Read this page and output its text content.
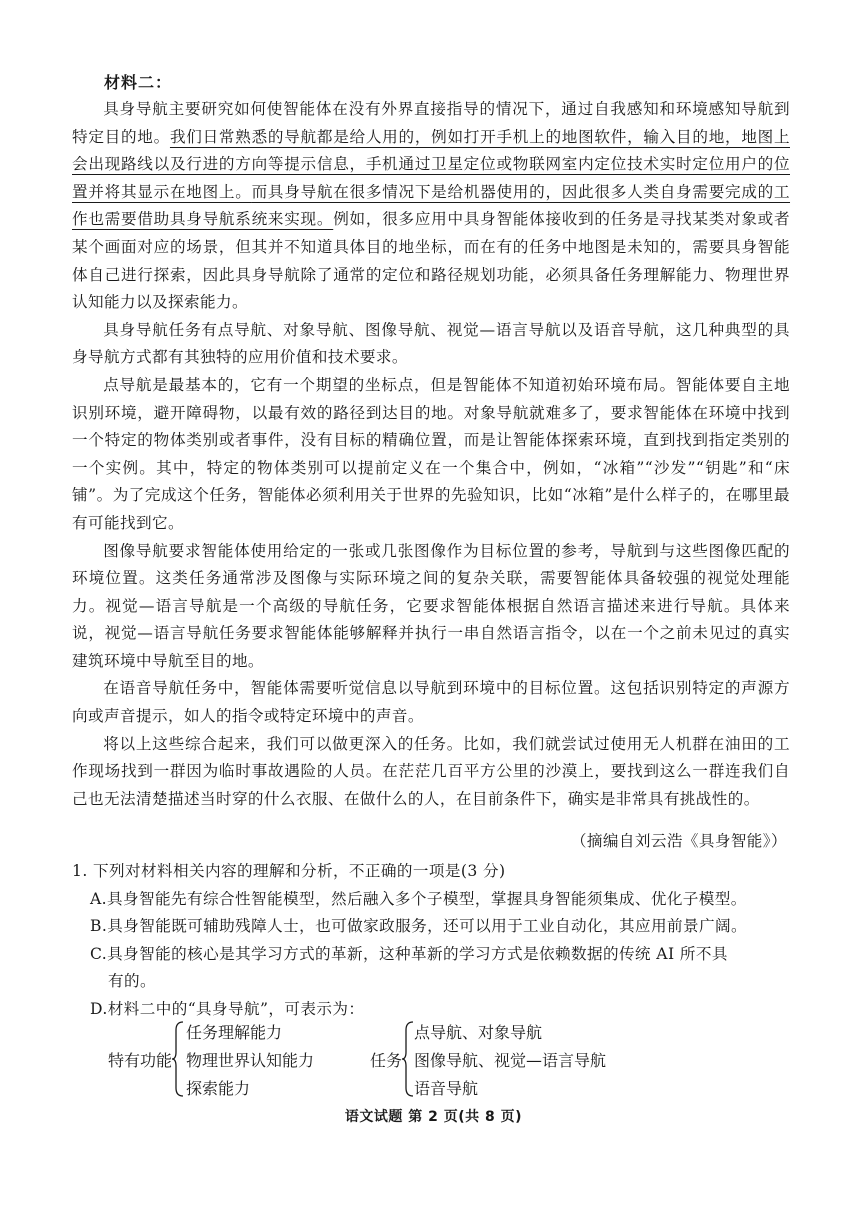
材料二：

具身导航主要研究如何使智能体在没有外界直接指导的情况下，通过自我感知和环境感知导航到特定目的地。我们日常熟悉的导航都是给人用的，例如打开手机上的地图软件，输入目的地，地图上会出现路线以及行进的方向等提示信息，手机通过卫星定位或物联网室内定位技术实时定位用户的位置并将其显示在地图上。而具身导航在很多情况下是给机器使用的，因此很多人类自身需要完成的工作也需要借助具身导航系统来实现。例如，很多应用中具身智能体接收到的任务是寻找某类对象或者某个画面对应的场景，但其并不知道具体目的地坐标，而在有的任务中地图是未知的，需要具身智能体自己进行探索，因此具身导航除了通常的定位和路径规划功能，必须具备任务理解能力、物理世界认知能力以及探索能力。

具身导航任务有点导航、对象导航、图像导航、视觉—语言导航以及语音导航，这几种典型的具身导航方式都有其独特的应用价值和技术要求。

点导航是最基本的，它有一个期望的坐标点，但是智能体不知道初始环境布局。智能体要自主地识别环境，避开障碍物，以最有效的路径到达目的地。对象导航就难多了，要求智能体在环境中找到一个特定的物体类别或者事件，没有目标的精确位置，而是让智能体探索环境，直到找到指定类别的一个实例。其中，特定的物体类别可以提前定义在一个集合中，例如，“冰箱”“沙发”“钥匙”和“床铺”。为了完成这个任务，智能体必须利用关于世界的先验知识，比如“冰箱”是什么样子的，在哪里最有可能找到它。

图像导航要求智能体使用给定的一张或几张图像作为目标位置的参考，导航到与这些图像匹配的环境位置。这类任务通常涉及图像与实际环境之间的复杂关联，需要智能体具备较强的视觉处理能力。视觉—语言导航是一个高级的导航任务，它要求智能体根据自然语言描述来进行导航。具体来说，视觉—语言导航任务要求智能体能够解释并执行一串自然语言指令，以在一个之前未见过的真实建筑环境中导航至目的地。

在语音导航任务中，智能体需要听觉信息以导航到环境中的目标位置。这包括识别特定的声源方向或声音提示，如人的指令或特定环境中的声音。

将以上这些综合起来，我们可以做更深入的任务。比如，我们就尝试过使用无人机群在油田的工作现场找到一群因为临时事故遇险的人员。在茫茫几百平方公里的沙漠上，要找到这么一群连我们自己也无法清楚描述当时穿的什么衣服、在做什么的人，在目前条件下，确实是非常具有挑战性的。

（摘编自刘云浩《具身智能》）

1. 下列对材料相关内容的理解和分析，不正确的一项是(3 分)

A.具身智能先有综合性智能模型，然后融入多个子模型，掌握具身智能须集成、优化子模型。

B.具身智能既可辅助残障人士，也可做家政服务，还可以用于工业自动化，其应用前景广阔。

C.具身智能的核心是其学习方式的革新，这种革新的学习方式是依赖数据的传统 AI 所不具

有的。

D.材料二中的“具身导航”，可表示为：

特有功能
任务理解能力
物理世界认知能力
探索能力
任务
点导航、对象导航
图像导航、视觉—语言导航
语音导航
语文试题 第 2 页(共 8 页)
